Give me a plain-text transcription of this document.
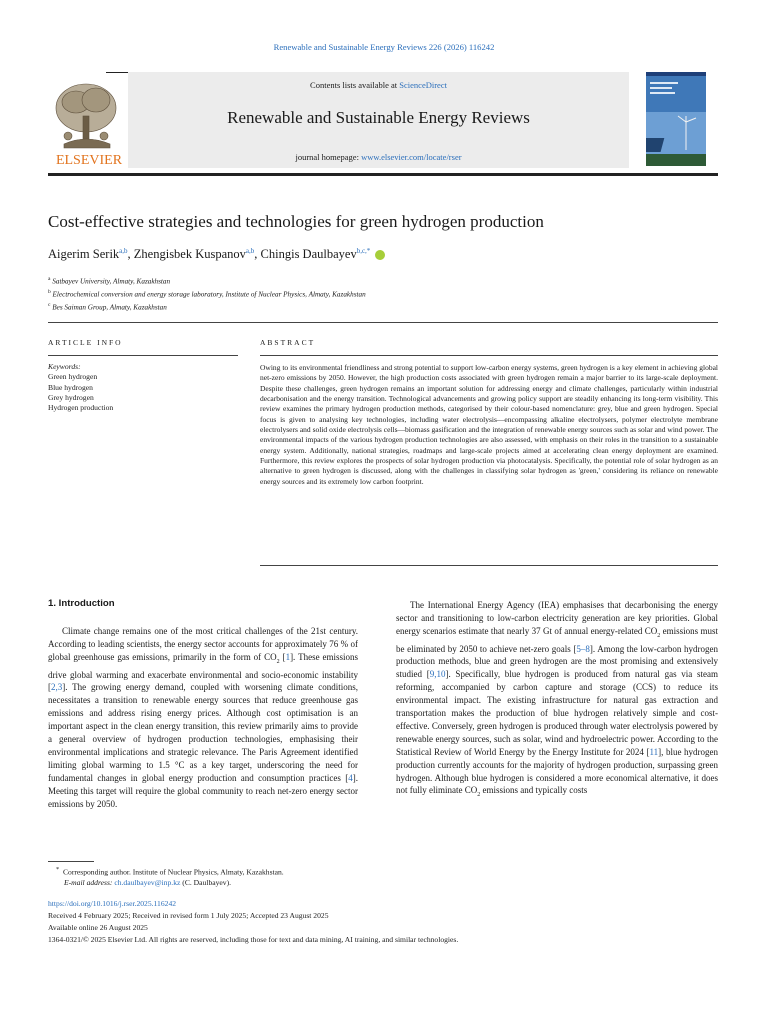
Renewable and Sustainable Energy Reviews 226 (2026) 116242
ELSEVIER
Contents lists available at ScienceDirect
Renewable and Sustainable Energy Reviews
journal homepage: www.elsevier.com/locate/rser
Cost-effective strategies and technologies for green hydrogen production
Aigerim Serik$^{a,b}$, Zhengisbek Kuspanov$^{a,b}$, Chingis Daulbayev$^{b,c,*}$
$^a$ Satbayev University, Almaty, Kazakhstan
$^b$ Electrochemical conversion and energy storage laboratory, Institute of Nuclear Physics, Almaty, Kazakhstan
$^c$ Bes Saiman Group, Almaty, Kazakhstan
ARTICLE INFO
Keywords:
Green hydrogen
Blue hydrogen
Grey hydrogen
Hydrogen production
ABSTRACT
Owing to its environmental friendliness and strong potential to support low-carbon energy systems, green hydrogen is a key element in achieving global net-zero emissions by 2050. However, the high production costs associated with green hydrogen remain a major barrier to its large-scale deployment. Despite these challenges, green hydrogen remains an important solution for addressing energy and climate challenges, particularly within industrial decarbonisation and the energy transition. Technological advancements and growing policy support are steadily enhancing its long-term visibility. This review examines the primary hydrogen production methods, categorised by their colour-based nomenclature: grey, blue and green hydrogen. Special focus is given to analysing key technologies, including water electrolysis—encompassing alkaline electrolysers, polymer electrolyte membrane electrolysers and solid oxide electrolysis cells—biomass gasification and the integration of renewable energy sources such as solar and wind power. The environmental impacts of the various hydrogen production technologies are also assessed, with emphasis on their roles in the transition to a sustainable energy system. Additionally, national strategies, roadmaps and large-scale projects aimed at accelerating clean energy deployment are examined. Furthermore, this review explores the prospects of solar hydrogen production via photocatalysis. Specifically, the potential role of solar hydrogen as an alternative to green hydrogen is discussed, along with the challenges in classifying solar hydrogen as 'green,' considering its reliance on renewable energy sources and its extremely low carbon footprint.
1. Introduction

Climate change remains one of the most critical challenges of the 21st century. According to leading scientists, the energy sector accounts for approximately 76 % of global greenhouse gas emissions, primarily in the form of $CO_2$ [1]. These emissions drive global warming and exacerbate environmental and socio-economic instability [2,3]. The growing energy demand, coupled with worsening climate conditions, necessitates a transition to renewable energy sources that reduce greenhouse gas emissions and address rising energy prices. Although cost optimisation is an important aspect in the clean energy transition, this review primarily aims to provide a general overview of hydrogen production technologies, emphasising their environmental implications and strategic relevance. The Paris Agreement identified limiting global warming to 1.5 °C as a key target, underscoring the need for fundamental changes in global energy production and consumption practices [4]. Meeting this target will require the global community to reach net-zero energy sector emissions by 2050.

The International Energy Agency (IEA) emphasises that decarbonising the energy sector and transitioning to low-carbon electricity generation are key priorities. Global energy scenarios estimate that nearly 37 Gt of annual energy-related $CO_2$ emissions must be eliminated by 2050 to achieve net-zero goals [5–8]. Among the low-carbon hydrogen production methods, blue and green hydrogen are the most promising and extensively studied [9,10]. Specifically, blue hydrogen is produced from natural gas via steam reforming, accompanied by carbon capture and storage (CCS) to reduce its environmental impact. The existing infrastructure for natural gas extraction and transportation makes the production of blue hydrogen relatively simple and cost-effective. Conversely, green hydrogen is produced through water electrolysis powered by renewable energy sources, such as solar, wind and hydroelectric power. According to the Statistical Review of World Energy by the Energy Institute for 2024 [11], blue hydrogen production currently accounts for the majority of hydrogen production, surpassing green hydrogen. Although blue hydrogen is considered a more economical alternative, it does not fully eliminate $CO_2$ emissions and typically costs

* Corresponding author. Institute of Nuclear Physics, Almaty, Kazakhstan.
E-mail address: ch.daulbayev@inp.kz (C. Daulbayev).
https://doi.org/10.1016/j.rser.2025.116242
Received 4 February 2025; Received in revised form 1 July 2025; Accepted 23 August 2025
Available online 26 August 2025
1364-0321/© 2025 Elsevier Ltd. All rights are reserved, including those for text and data mining, AI training, and similar technologies.
